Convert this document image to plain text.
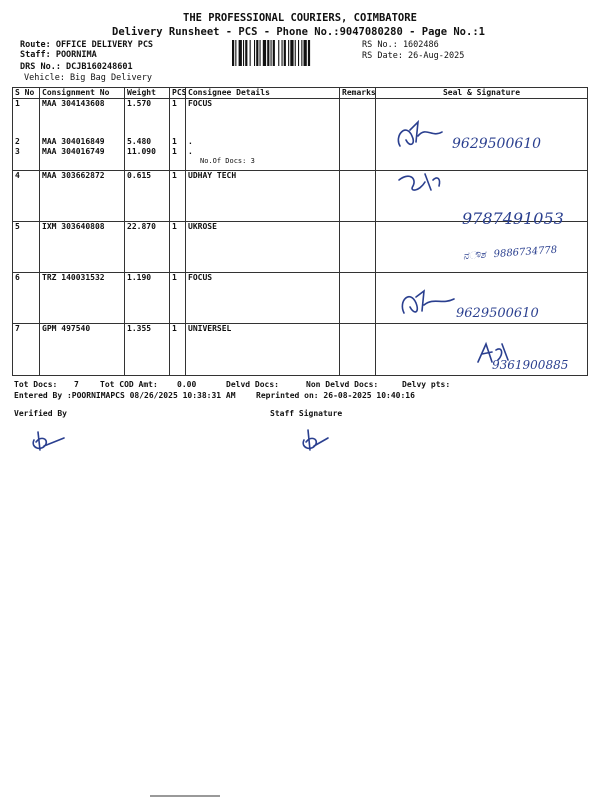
THE PROFESSIONAL COURIERS, COIMBATORE
Delivery Runsheet - PCS - Phone No.:9047080280 - Page No.:1
Route: OFFICE DELIVERY PCS
Staff: POORNIMA
DRS No.: DCJB160248601
Vehicle: Big Bag Delivery
RS No.: 1602486
RS Date: 26-Aug-2025
S No	Consignment No	Weight	PCS	Consignee Details	Remarks	Seal & Signature
1	MAA 304143608	1.570	1	FOCUS		
2	MAA 304016849	5.480	1	.		
3	MAA 304016749	11.090	1	.
No.Of Docs: 3		

4	MAA 303662872	0.615	1	UDHAY TECH		
5	IXM 303640808	22.870	1	UKROSE		
6	TRZ 140031532	1.190	1	FOCUS		
7	GPM 497540	1.355	1	UNIVERSEL		
9629500610
9787491053
ನ⁠ೌಶ 9886734778
9629500610
9361900885
Tot Docs: 7	Tot COD Amt: 0.00	Delvd Docs:	Non Delvd Docs:	Delvy pts:
Entered By :POORNIMAPCS 08/26/2025 10:38:31 AM	Reprinted on: 26-08-2025 10:40:16
Verified By	Staff Signature
